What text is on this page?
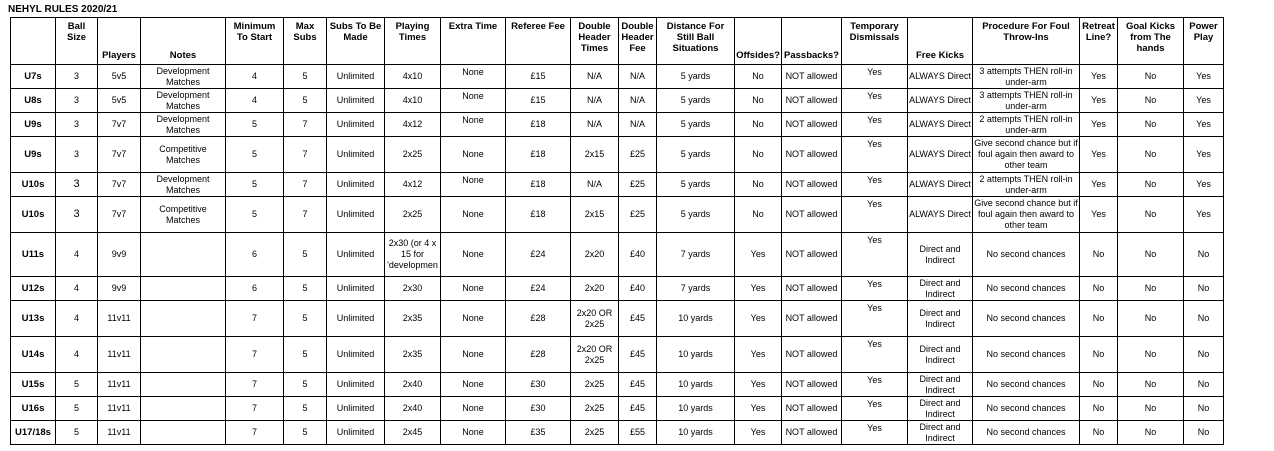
NEHYL RULES 2020/21
	Ball Size	Players	Notes	Minimum To Start	Max Subs	Subs To Be Made	Playing Times	Extra Time	Referee Fee	Double Header Times	Double Header Fee	Distance For Still Ball Situations	Offsides?	Passbacks?	Temporary Dismissals	Free Kicks	Procedure For Foul Throw-Ins	Retreat Line?	Goal Kicks from The hands	Power Play
U7s	3	5v5	Development Matches	4	5	Unlimited	4x10	None	£15	N/A	N/A	5 yards	No	NOT allowed	Yes	ALWAYS Direct	3 attempts THEN roll-in under-arm	Yes	No	Yes
U8s	3	5v5	Development Matches	4	5	Unlimited	4x10	None	£15	N/A	N/A	5 yards	No	NOT allowed	Yes	ALWAYS Direct	3 attempts THEN roll-in under-arm	Yes	No	Yes
U9s	3	7v7	Development Matches	5	7	Unlimited	4x12	None	£18	N/A	N/A	5 yards	No	NOT allowed	Yes	ALWAYS Direct	2 attempts THEN roll-in under-arm	Yes	No	Yes
U9s	3	7v7	Competitive Matches	5	7	Unlimited	2x25	None	£18	2x15	£25	5 yards	No	NOT allowed	Yes	ALWAYS Direct	Give second chance but if foul again then award to other team	Yes	No	Yes
U10s	3	7v7	Development Matches	5	7	Unlimited	4x12	None	£18	N/A	£25	5 yards	No	NOT allowed	Yes	ALWAYS Direct	2 attempts THEN roll-in under-arm	Yes	No	Yes
U10s	3	7v7	Competitive Matches	5	7	Unlimited	2x25	None	£18	2x15	£25	5 yards	No	NOT allowed	Yes	ALWAYS Direct	Give second chance but if foul again then award to other team	Yes	No	Yes
U11s	4	9v9		6	5	Unlimited	2x30 (or 4 x 15 for 'developmen	None	£24	2x20	£40	7 yards	Yes	NOT allowed	Yes	Direct and Indirect	No second chances	No	No	No
U12s	4	9v9		6	5	Unlimited	2x30	None	£24	2x20	£40	7 yards	Yes	NOT allowed	Yes	Direct and Indirect	No second chances	No	No	No
U13s	4	11v11		7	5	Unlimited	2x35	None	£28	2x20 OR 2x25	£45	10 yards	Yes	NOT allowed	Yes	Direct and Indirect	No second chances	No	No	No
U14s	4	11v11		7	5	Unlimited	2x35	None	£28	2x20 OR 2x25	£45	10 yards	Yes	NOT allowed	Yes	Direct and Indirect	No second chances	No	No	No
U15s	5	11v11		7	5	Unlimited	2x40	None	£30	2x25	£45	10 yards	Yes	NOT allowed	Yes	Direct and Indirect	No second chances	No	No	No
U16s	5	11v11		7	5	Unlimited	2x40	None	£30	2x25	£45	10 yards	Yes	NOT allowed	Yes	Direct and Indirect	No second chances	No	No	No
U17/18s	5	11v11		7	5	Unlimited	2x45	None	£35	2x25	£55	10 yards	Yes	NOT allowed	Yes	Direct and Indirect	No second chances	No	No	No
